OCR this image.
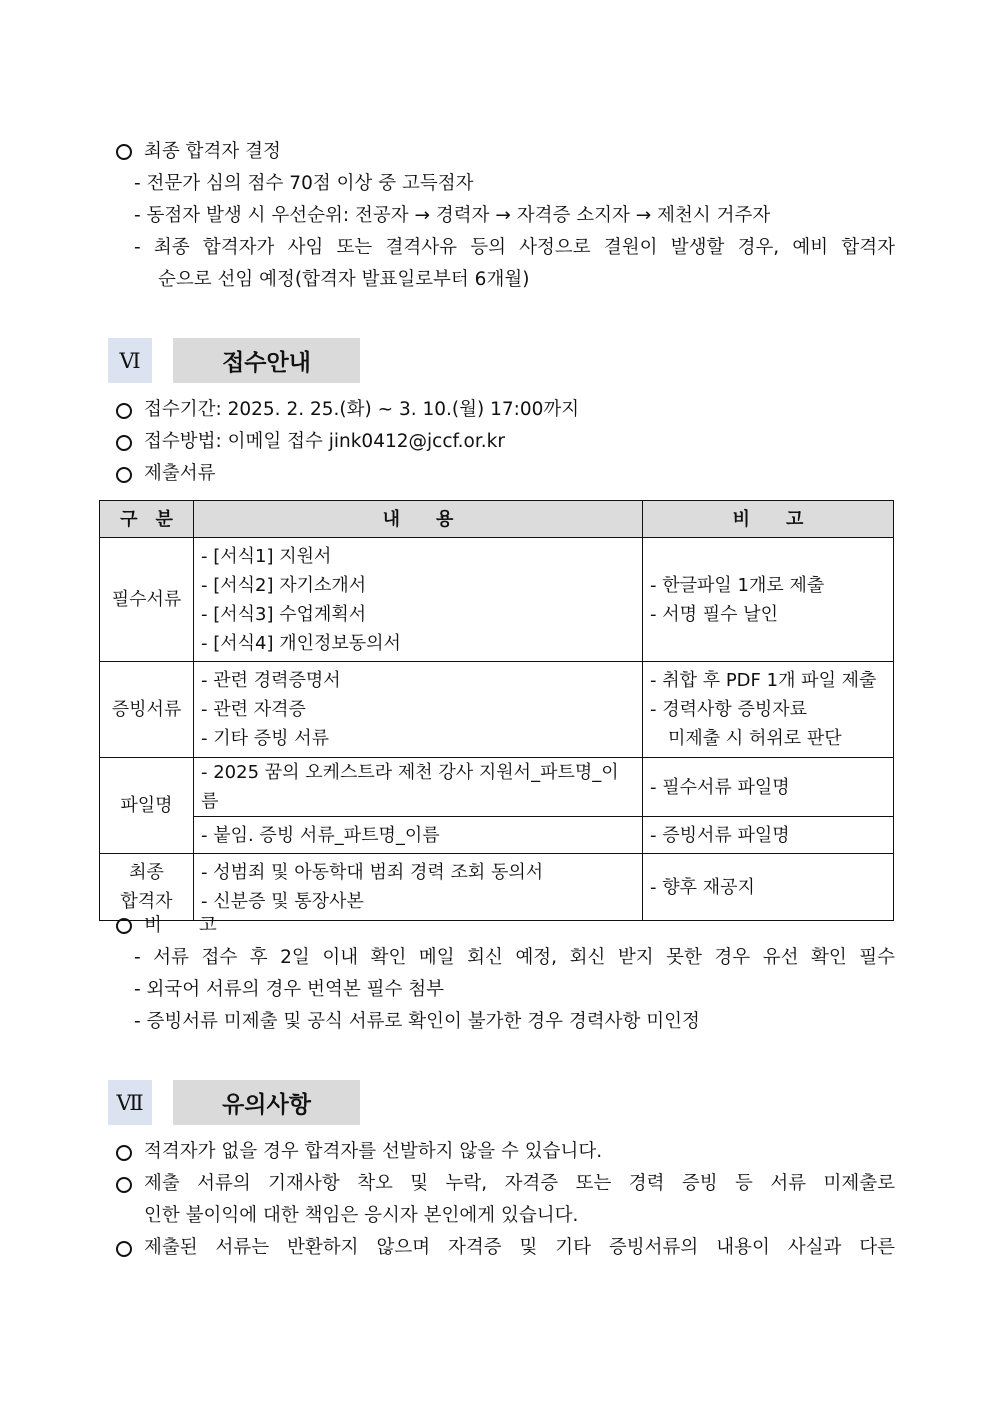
최종 합격자 결정
- 전문가 심의 점수 70점 이상 중 고득점자
- 동점자 발생 시 우선순위: 전공자 → 경력자 → 자격증 소지자 → 제천시 거주자
- 최종 합격자가 사임 또는 결격사유 등의 사정으로 결원이 발생할 경우, 예비 합격자
순으로 선임 예정(합격자 발표일로부터 6개월)
Ⅵ	접수안내
접수기간: 2025. 2. 25.(화) ~ 3. 10.(월) 17:00까지
접수방법: 이메일 접수 jink0412@jccf.or.kr
제출서류
구　분	내　　용	비　　고
필수서류	- [서식1] 지원서
- [서식2] 자기소개서
- [서식3] 수업계획서
- [서식4] 개인정보동의서	- 한글파일 1개로 제출
- 서명 필수 날인

증빙서류	- 관련 경력증명서
- 관련 자격증
- 기타 증빙 서류	- 취합 후 PDF 1개 파일 제출
- 경력사항 증빙자료
미제출 시 허위로 판단

파일명	- 2025 꿈의 오케스트라 제천 강사 지원서_파트명_이름	- 필수서류 파일명
	- 붙임. 증빙 서류_파트명_이름	- 증빙서류 파일명

최종
합격자	- 성범죄 및 아동학대 범죄 경력 조회 동의서
- 신분증 및 통장사본	- 향후 재공지
비　　고
- 서류 접수 후 2일 이내 확인 메일 회신 예정, 회신 받지 못한 경우 유선 확인 필수
- 외국어 서류의 경우 번역본 필수 첨부
- 증빙서류 미제출 및 공식 서류로 확인이 불가한 경우 경력사항 미인정
Ⅶ	유의사항
적격자가 없을 경우 합격자를 선발하지 않을 수 있습니다.
제출 서류의 기재사항 착오 및 누락, 자격증 또는 경력 증빙 등 서류 미제출로
인한 불이익에 대한 책임은 응시자 본인에게 있습니다.
제출된 서류는 반환하지 않으며 자격증 및 기타 증빙서류의 내용이 사실과 다른
